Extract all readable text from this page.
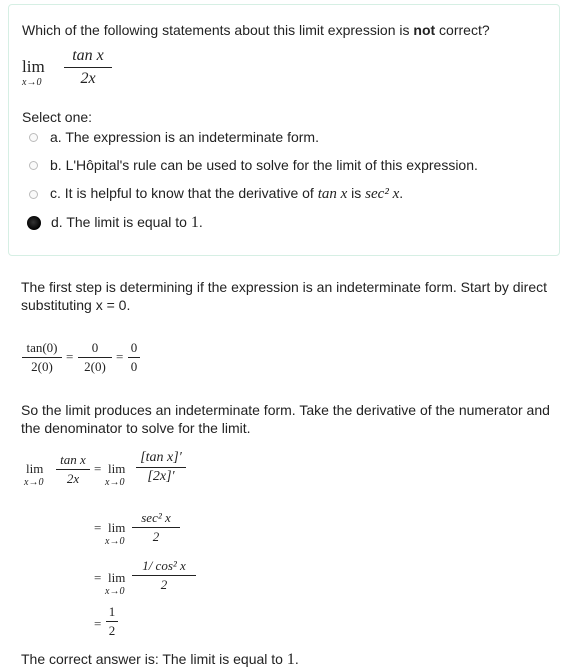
Which of the following statements about this limit expression is not correct?
lim
x→0
tan x
2x
Select one:
a. The expression is an indeterminate form.
b. L'Hôpital's rule can be used to solve for the limit of this expression.
c. It is helpful to know that the derivative of tan x is sec² x.
d. The limit is equal to 1.
The first step is determining if the expression is an indeterminate form. Start by direct substituting x = 0.
tan(0)
2(0)
=
0
2(0)
=
0
0
So the limit produces an indeterminate form. Take the derivative of the numerator and the denominator to solve for the limit.
lim
x→0
tan x
2x
= lim
x→0
[tan x]′
[2x]′
= lim
x→0
sec² x
2
= lim
x→0
1/ cos² x
2
=
1
2
The correct answer is: The limit is equal to 1.
